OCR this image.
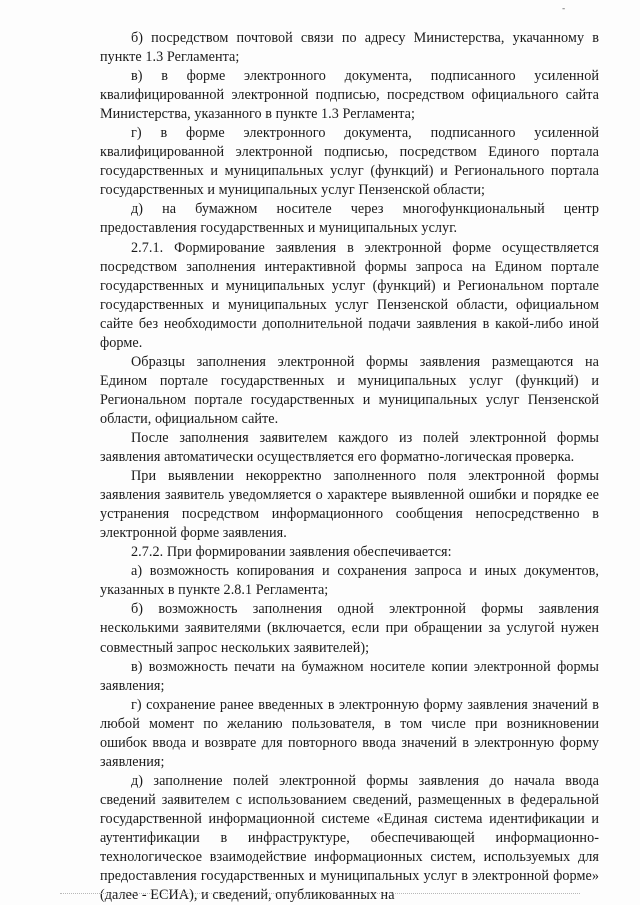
-

б) посредством почтовой связи по адресу Министерства, укачанному в пункте 1.3 Регламента;

в) в форме электронного документа, подписанного усиленной квалифицированной электронной подписью, посредством официального сайта Министерства, указанного в пункте 1.3 Регламента;

г) в форме электронного документа, подписанного усиленной квалифицированной электронной подписью, посредством Единого портала государственных и муниципальных услуг (функций) и Регионального портала государственных и муниципальных услуг Пензенской области;

д) на бумажном носителе через многофункциональный центр предоставления государственных и муниципальных услуг.

2.7.1. Формирование заявления в электронной форме осуществляется посредством заполнения интерактивной формы запроса на Едином портале государственных и муниципальных услуг (функций) и Региональном портале государственных и муниципальных услуг Пензенской области, официальном сайте без необходимости дополнительной подачи заявления в какой-либо иной форме.

Образцы заполнения электронной формы заявления размещаются на Едином портале государственных и муниципальных услуг (функций) и Региональном портале государственных и муниципальных услуг Пензенской области, официальном сайте.

После заполнения заявителем каждого из полей электронной формы заявления автоматически осуществляется его форматно-логическая проверка.

При выявлении некорректно заполненного поля электронной формы заявления заявитель уведомляется о характере выявленной ошибки и порядке ее устранения посредством информационного сообщения непосредственно в электронной форме заявления.

2.7.2. При формировании заявления обеспечивается:

а) возможность копирования и сохранения запроса и иных документов, указанных в пункте 2.8.1 Регламента;

б) возможность заполнения одной электронной формы заявления несколькими заявителями (включается, если при обращении за услугой нужен совместный запрос нескольких заявителей);

в) возможность печати на бумажном носителе копии электронной формы заявления;

г) сохранение ранее введенных в электронную форму заявления значений в любой момент по желанию пользователя, в том числе при возникновении ошибок ввода и возврате для повторного ввода значений в электронную форму заявления;

д) заполнение полей электронной формы заявления до начала ввода сведений заявителем с использованием сведений, размещенных в федеральной государственной информационной системе «Единая система идентификации и аутентификации в инфраструктуре, обеспечивающей информационно-технологическое взаимодействие информационных систем, используемых для предоставления государственных и муниципальных услуг в электронной форме» (далее - ЕСИА), и сведений, опубликованных на
